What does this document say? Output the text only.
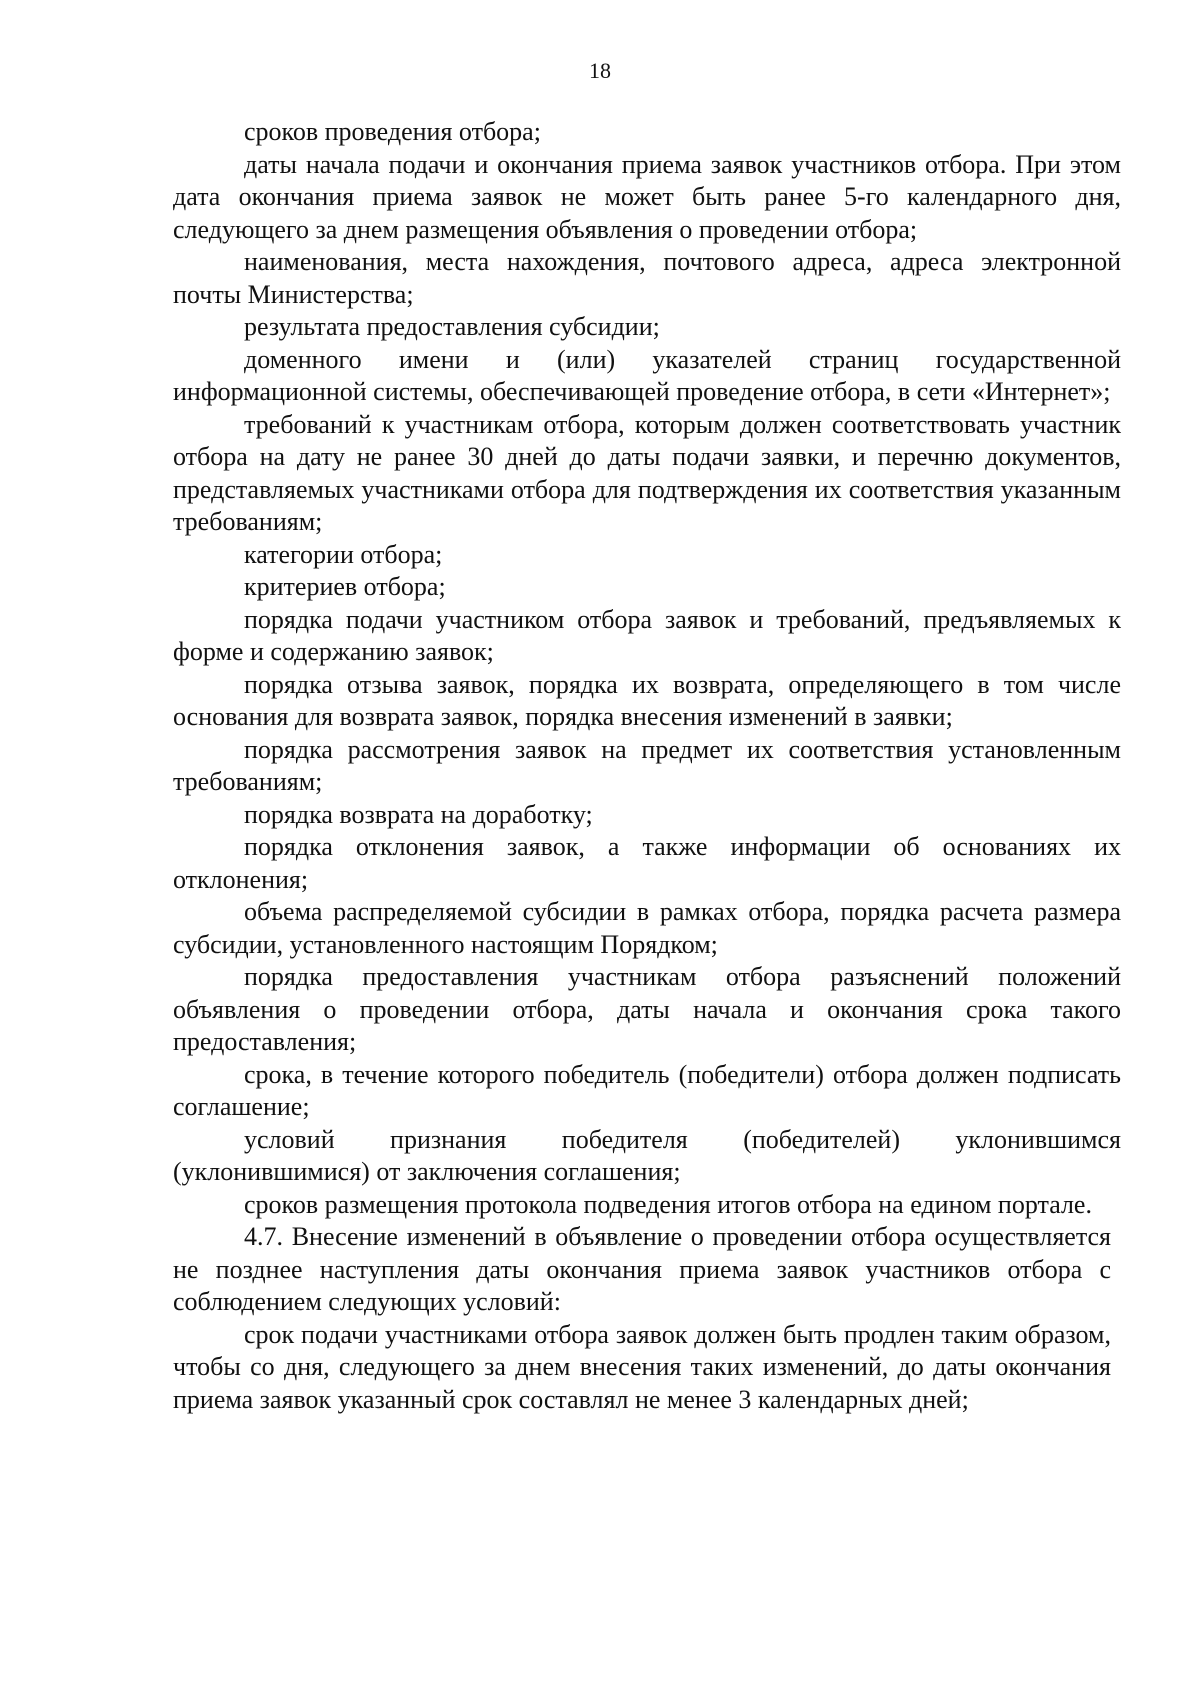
18

сроков проведения отбора;

даты начала подачи и окончания приема заявок участников отбора. При этом дата окончания приема заявок не может быть ранее 5-го календарного дня, следующего за днем размещения объявления о проведении отбора;

наименования, места нахождения, почтового адреса, адреса электронной почты Министерства;

результата предоставления субсидии;

доменного имени и (или) указателей страниц государственной информационной системы, обеспечивающей проведение отбора, в сети «Интернет»;

требований к участникам отбора, которым должен соответствовать участник отбора на дату не ранее 30 дней до даты подачи заявки, и перечню документов, представляемых участниками отбора для подтверждения их соответствия указанным требованиям;

категории отбора;

критериев отбора;

порядка подачи участником отбора заявок и требований, предъявляемых к форме и содержанию заявок;

порядка отзыва заявок, порядка их возврата, определяющего в том числе основания для возврата заявок, порядка внесения изменений в заявки;

порядка рассмотрения заявок на предмет их соответствия установленным требованиям;

порядка возврата на доработку;

порядка отклонения заявок, а также информации об основаниях их отклонения;

объема распределяемой субсидии в рамках отбора, порядка расчета размера субсидии, установленного настоящим Порядком;

порядка предоставления участникам отбора разъяснений положений объявления о проведении отбора, даты начала и окончания срока такого предоставления;

срока, в течение которого победитель (победители) отбора должен подписать соглашение;

условий признания победителя (победителей) уклонившимся (уклонившимися) от заключения соглашения;

сроков размещения протокола подведения итогов отбора на едином портале.

4.7. Внесение изменений в объявление о проведении отбора осуществляется не позднее наступления даты окончания приема заявок участников отбора с соблюдением следующих условий:

срок подачи участниками отбора заявок должен быть продлен таким образом, чтобы со дня, следующего за днем внесения таких изменений, до даты окончания приема заявок указанный срок составлял не менее 3 календарных дней;
